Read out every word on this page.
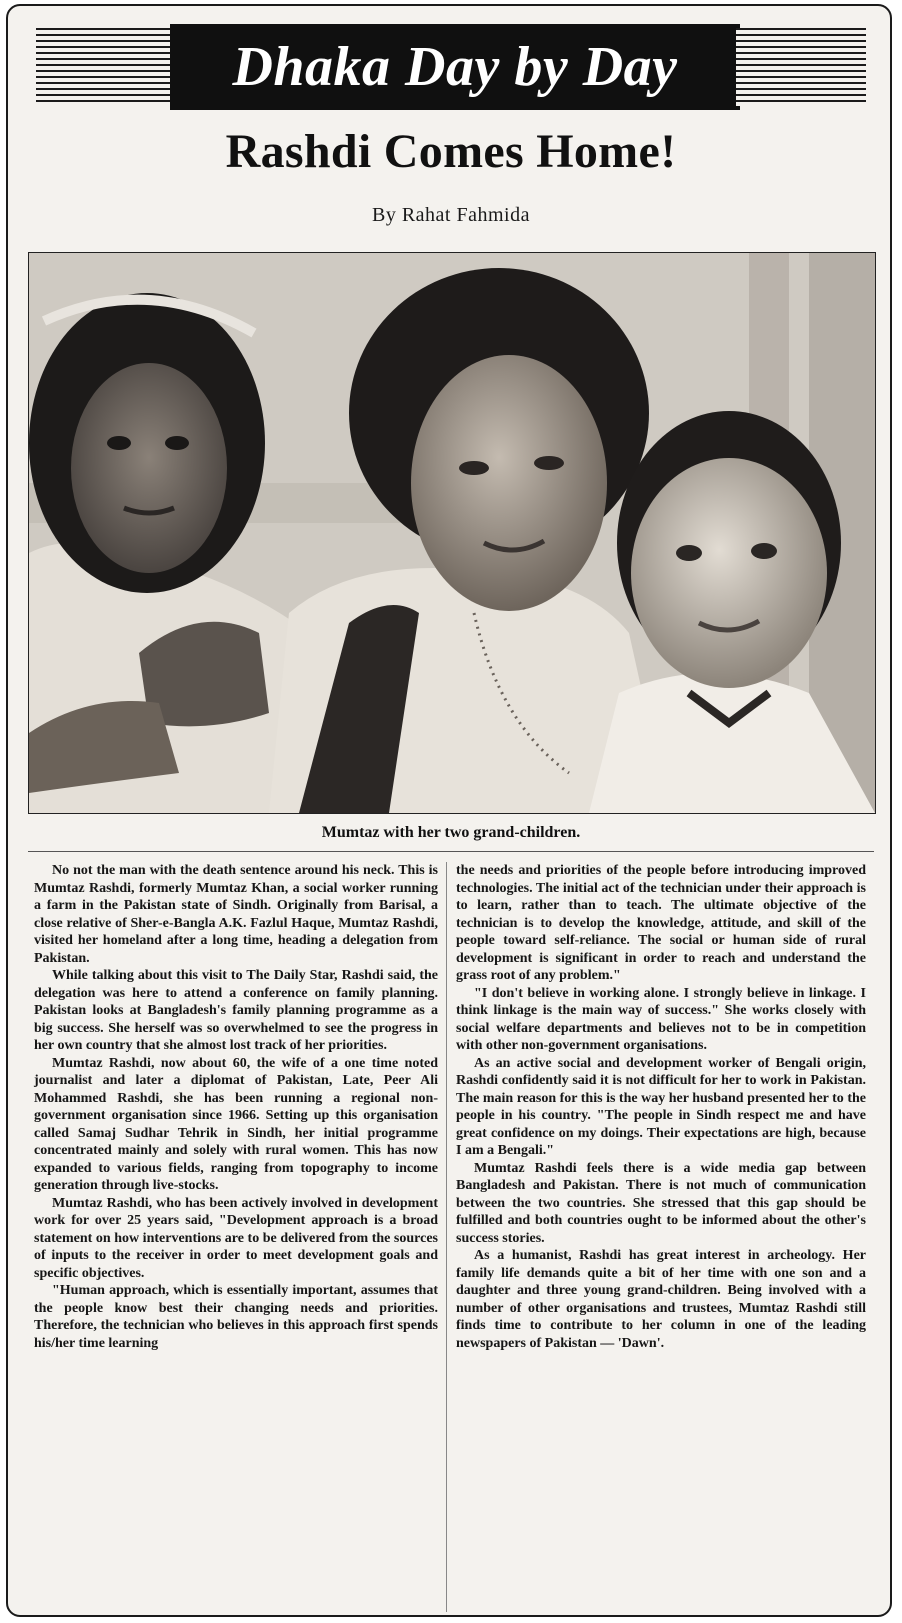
Dhaka Day by Day
Rashdi Comes Home!
By Rahat Fahmida
Mumtaz with her two grand-children.

No not the man with the death sentence around his neck. This is Mumtaz Rashdi, formerly Mumtaz Khan, a social worker running a farm in the Pakistan state of Sindh. Originally from Barisal, a close relative of Sher-e-Bangla A.K. Fazlul Haque, Mumtaz Rashdi, visited her homeland after a long time, heading a delegation from Pakistan.

While talking about this visit to The Daily Star, Rashdi said, the delegation was here to attend a conference on family planning. Pakistan looks at Bangladesh's family planning programme as a big success. She herself was so overwhelmed to see the progress in her own country that she almost lost track of her priorities.

Mumtaz Rashdi, now about 60, the wife of a one time noted journalist and later a diplomat of Pakistan, Late, Peer Ali Mohammed Rashdi, she has been running a regional non-government organisation since 1966. Setting up this organisation called Samaj Sudhar Tehrik in Sindh, her initial programme concentrated mainly and solely with rural women. This has now expanded to various fields, ranging from topography to income generation through live-stocks.

Mumtaz Rashdi, who has been actively involved in development work for over 25 years said, "Development approach is a broad statement on how interventions are to be delivered from the sources of inputs to the receiver in order to meet development goals and specific objectives.

"Human approach, which is essentially important, assumes that the people know best their changing needs and priorities. Therefore, the technician who believes in this approach first spends his/her time learning

the needs and priorities of the people before introducing improved technologies. The initial act of the technician under their approach is to learn, rather than to teach. The ultimate objective of the technician is to develop the knowledge, attitude, and skill of the people toward self-reliance. The social or human side of rural development is significant in order to reach and understand the grass root of any problem."

"I don't believe in working alone. I strongly believe in linkage. I think linkage is the main way of success." She works closely with social welfare departments and believes not to be in competition with other non-government organisations.

As an active social and development worker of Bengali origin, Rashdi confidently said it is not difficult for her to work in Pakistan. The main reason for this is the way her husband presented her to the people in his country. "The people in Sindh respect me and have great confidence on my doings. Their expectations are high, because I am a Bengali."

Mumtaz Rashdi feels there is a wide media gap between Bangladesh and Pakistan. There is not much of communication between the two countries. She stressed that this gap should be fulfilled and both countries ought to be informed about the other's success stories.

As a humanist, Rashdi has great interest in archeology. Her family life demands quite a bit of her time with one son and a daughter and three young grand-children. Being involved with a number of other organisations and trustees, Mumtaz Rashdi still finds time to contribute to her column in one of the leading newspapers of Pakistan — 'Dawn'.
